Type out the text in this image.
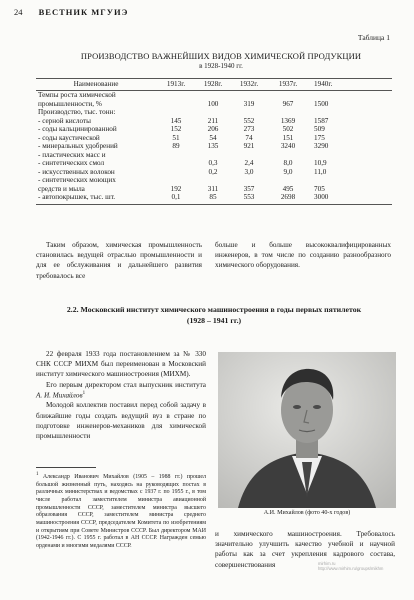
24 ВЕСТНИК МГУИЭ
Таблица 1
ПРОИЗВОДСТВО ВАЖНЕЙШИХ ВИДОВ ХИМИЧЕСКОЙ ПРОДУКЦИИ
в 1928-1940 гг.
Наименование	1913г.	1928г.	1932г.	1937г.	1940г.
Темпы роста химической					
промышленности, %		100	319	967	1500
Производство, тыс. тонн:					
- серной кислоты	145	211	552	1369	1587
- соды кальцинированной	152	206	273	502	509
- соды каустической	51	54	74	151	175
- минеральных удобрений	89	135	921	3240	3290
- пластических масс и					
- синтетических смол		0,3	2,4	8,0	10,9
- искусственных волокон		0,2	3,0	9,0	11,0
- синтетических моющих					
средств и мыла	192	311	357	495	705
- автопокрышек, тыс. шт.	0,1	85	553	2698	3000

Таким образом, химическая промышленность становилась ведущей отраслью промышленности и для ее обслуживания и дальнейшего развития требовалось все

больше и больше высококвалифицированных инженеров, в том числе по созданию разнообразного химического оборудования.

2.2. Московский институт химического машиностроения в годы первых пятилеток
(1928 – 1941 гг.)

22 февраля 1933 года постановлением за № 330 СНК СССР МИХМ был переименован в Московский институт химического машиностроения (МИХМ).

Его первым директором стал выпускник института А. И. Михайлов$^1$

Молодой коллектив поставил перед собой задачу в ближайшие годы создать ведущий вуз в стране по подготовке инженеров-механиков для химической промышленности

$^1$ Александр Иванович Михайлов (1905 – 1988 гг.) прошел большой жизненный путь, находясь на руководящих постах в различных министерствах и ведомствах с 1937 г. по 1955 г., в том числе работал заместителем министра авиационной промышленности СССР, заместителем министра высшего образования СССР, заместителем министра среднего машиностроения СССР, председателем Комитета по изобретениям и открытиям при Совете Министров СССР. Был директором МАИ (1942-1946 гг.). С 1955 г. работал в АН СССР. Награжден семью орденами и многими медалями СССР.
А.И. Михайлов (фото 40-х годов)

и химического машиностроения. Требовалось значительно улучшить качество учебной и научной работы как за счет укрепления кадрового состава, совершенствования	mirhim.ru
http://www.mirhim.ru/groups/mikhm
